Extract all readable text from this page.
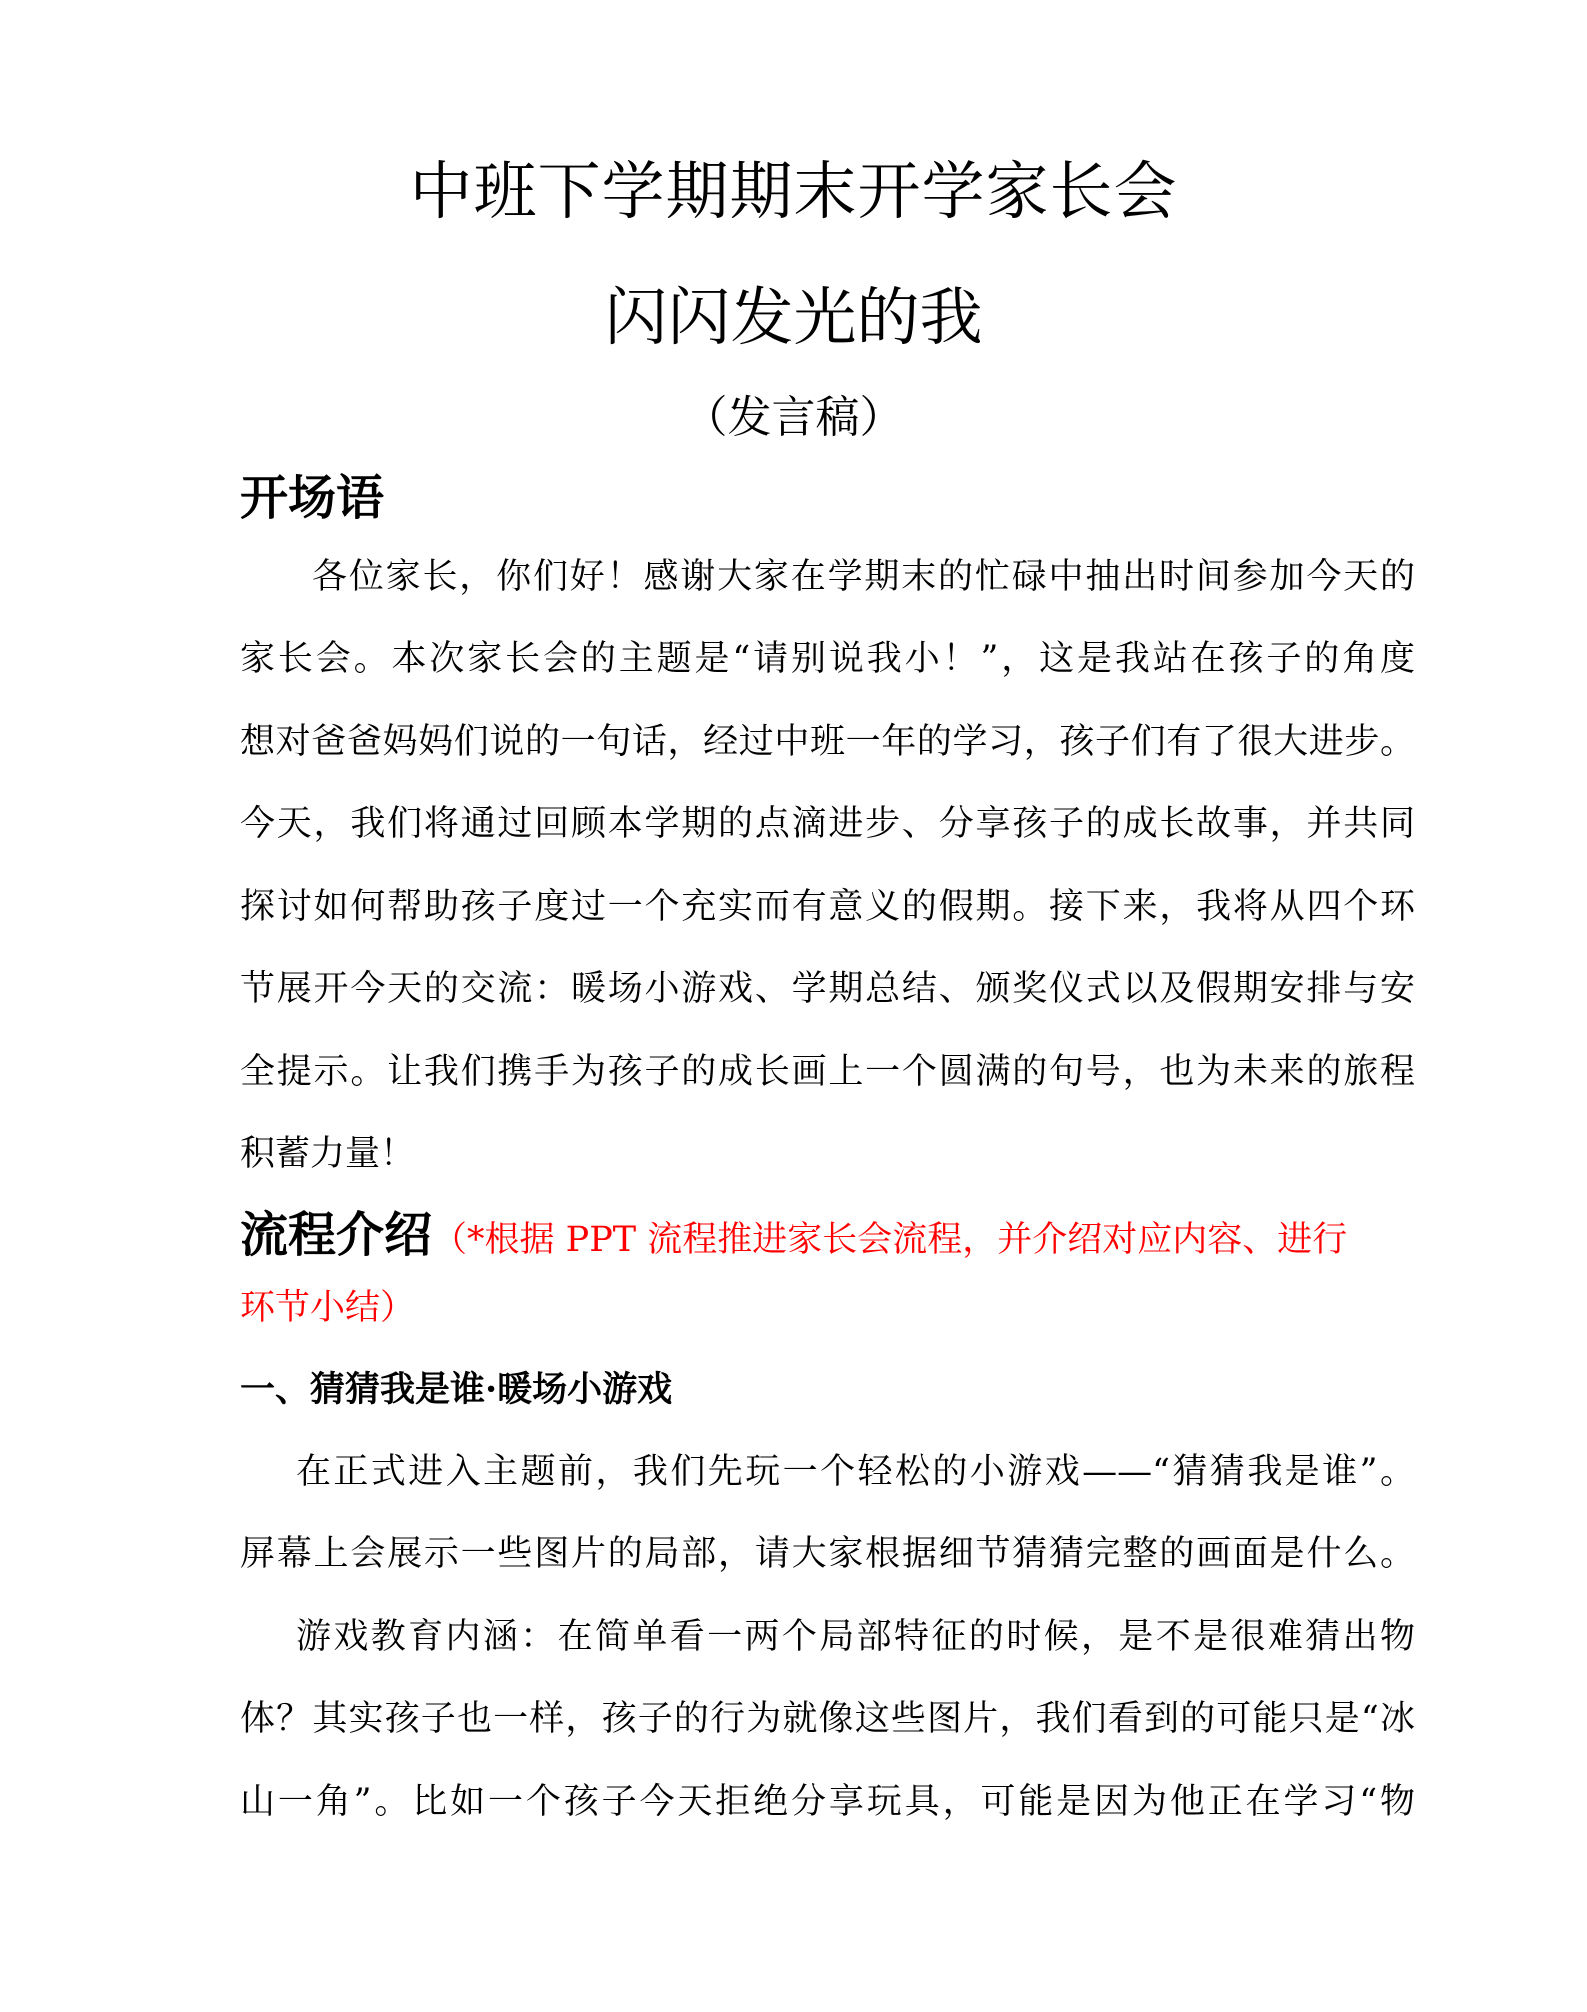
中班下学期期末开学家长会
闪闪发光的我
（发言稿）
开场语

各位家长，你们好！感谢大家在学期末的忙碌中抽出时间参加今天的

家长会。本次家长会的主题是“请别说我小！”，这是我站在孩子的角度

想对爸爸妈妈们说的一句话，经过中班一年的学习，孩子们有了很大进步。

今天，我们将通过回顾本学期的点滴进步、分享孩子的成长故事，并共同

探讨如何帮助孩子度过一个充实而有意义的假期。接下来，我将从四个环

节展开今天的交流：暖场小游戏、学期总结、颁奖仪式以及假期安排与安

全提示。让我们携手为孩子的成长画上一个圆满的句号，也为未来的旅程

积蓄力量！

流程介绍（*根据 PPT 流程推进家长会流程，并介绍对应内容、进行

环节小结）

一、猜猜我是谁·暖场小游戏

在正式进入主题前，我们先玩一个轻松的小游戏——“猜猜我是谁”。

屏幕上会展示一些图片的局部，请大家根据细节猜猜完整的画面是什么。

游戏教育内涵：在简单看一两个局部特征的时候，是不是很难猜出物

体？其实孩子也一样，孩子的行为就像这些图片，我们看到的可能只是“冰

山一角”。比如一个孩子今天拒绝分享玩具，可能是因为他正在学习“物
